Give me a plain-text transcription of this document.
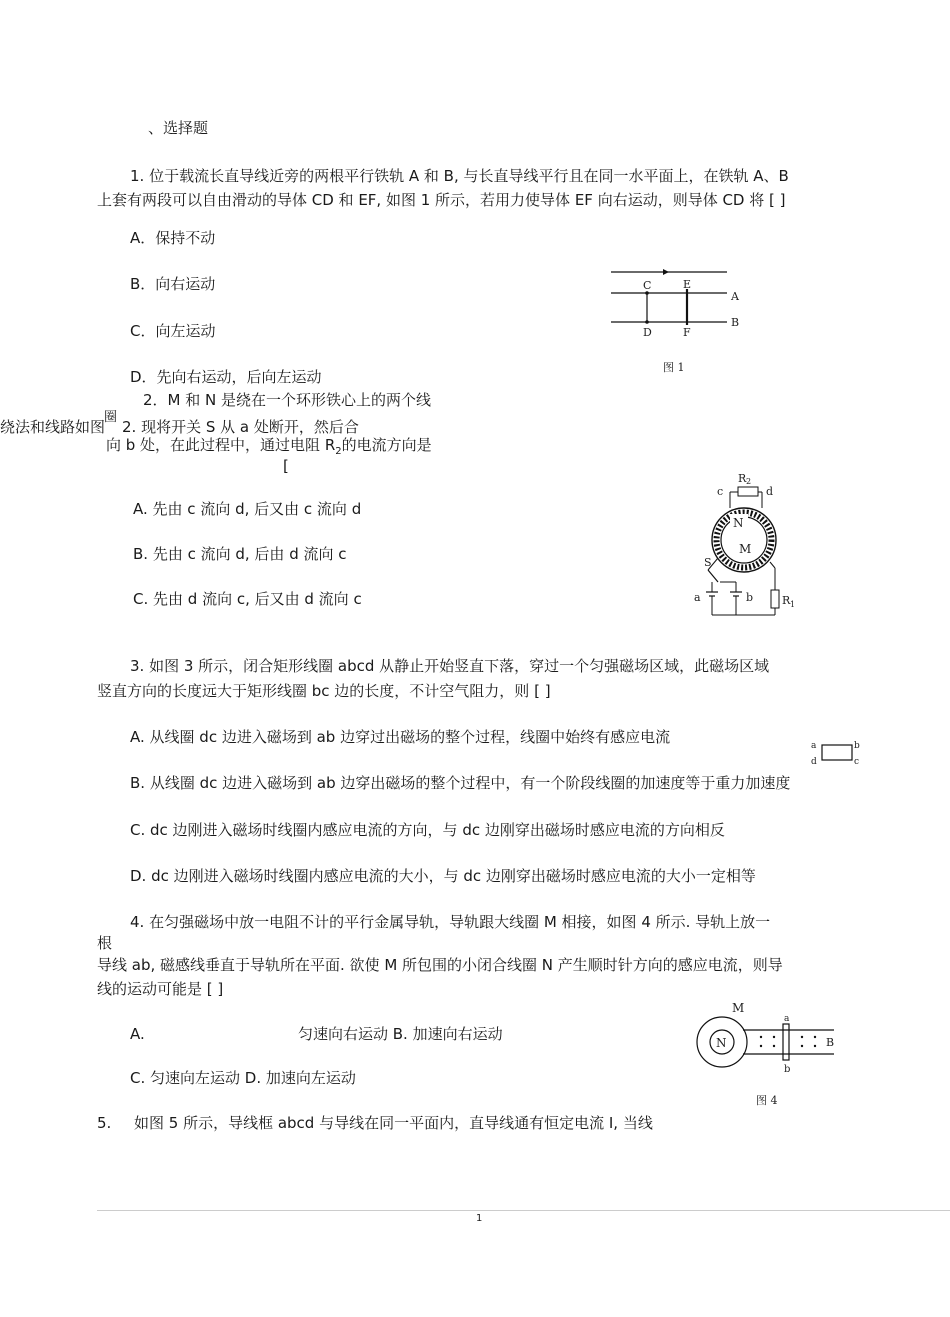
、选择题
1. 位于载流长直导线近旁的两根平行铁轨 A 和 B, 与长直导线平行且在同一水平面上，在铁轨 A、B
上套有两段可以自由滑动的导体 CD 和 EF, 如图 1 所示，若用力使导体 EF 向右运动，则导体 CD 将 [ ]
A．保持不动
B．向右运动
C．向左运动
D．先向右运动，后向左运动
C	E
A
B
D	F
图 1
2．M 和 N 是绕在一个环形铁心上的两个线
绕法和线路如图
圈
2. 现将开关 S 从 a 处断开，然后合
向 b 处，在此过程中，通过电阻 $R_2$的电流方向是
[
A. 先由 c 流向 d, 后又由 c 流向 d
B. 先由 c 流向 d, 后由 d 流向 c
C. 先由 d 流向 c, 后又由 d 流向 c
R 2
c	d
N
M
S
a	b	R 1
3. 如图 3 所示，闭合矩形线圈 abcd 从静止开始竖直下落，穿过一个匀强磁场区域，此磁场区域
竖直方向的长度远大于矩形线圈 bc 边的长度，不计空气阻力，则 [ ]
A. 从线圈 dc 边进入磁场到 ab 边穿过出磁场的整个过程，线圈中始终有感应电流
B. 从线圈 dc 边进入磁场到 ab 边穿出磁场的整个过程中，有一个阶段线圈的加速度等于重力加速度
C. dc 边刚进入磁场时线圈内感应电流的方向，与 dc 边刚穿出磁场时感应电流的方向相反
D. dc 边刚进入磁场时线圈内感应电流的大小，与 dc 边刚穿出磁场时感应电流的大小一定相等
a	b
d	c
4. 在匀强磁场中放一电阻不计的平行金属导轨，导轨跟大线圈 M 相接，如图 4 所示. 导轨上放一
根
导线 ab, 磁感线垂直于导轨所在平面. 欲使 M 所包围的小闭合线圈 N 产生顺时针方向的感应电流，则导
线的运动可能是 [ ]
A.	匀速向右运动 B. 加速向右运动
C. 匀速向左运动 D. 加速向左运动
N
M
a
b
B
图 4
5. 如图 5 所示，导线框 abcd 与导线在同一平面内，直导线通有恒定电流 I, 当线
1
